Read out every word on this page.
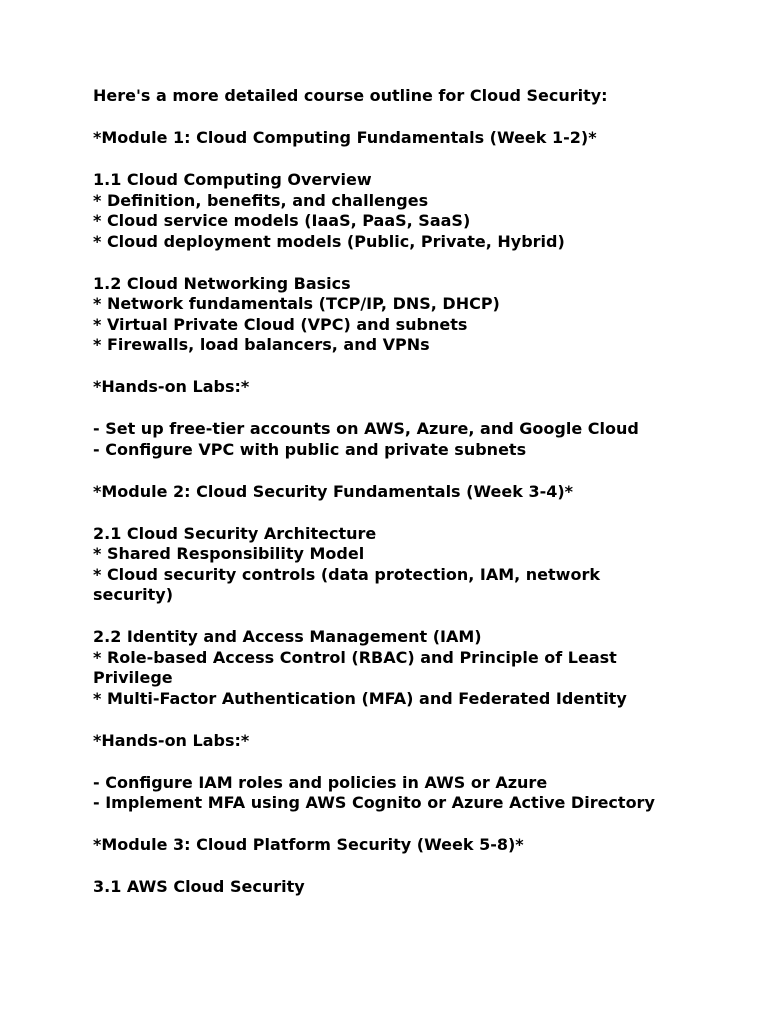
Here's a more detailed course outline for Cloud Security:

*Module 1: Cloud Computing Fundamentals (Week 1-2)*

1.1 Cloud Computing Overview

* Definition, benefits, and challenges

* Cloud service models (IaaS, PaaS, SaaS)

* Cloud deployment models (Public, Private, Hybrid)

1.2 Cloud Networking Basics

* Network fundamentals (TCP/IP, DNS, DHCP)

* Virtual Private Cloud (VPC) and subnets

* Firewalls, load balancers, and VPNs

*Hands-on Labs:*

- Set up free-tier accounts on AWS, Azure, and Google Cloud

- Configure VPC with public and private subnets

*Module 2: Cloud Security Fundamentals (Week 3-4)*

2.1 Cloud Security Architecture

* Shared Responsibility Model

* Cloud security controls (data protection, IAM, network security)

2.2 Identity and Access Management (IAM)

* Role-based Access Control (RBAC) and Principle of Least Privilege

* Multi-Factor Authentication (MFA) and Federated Identity

*Hands-on Labs:*

- Configure IAM roles and policies in AWS or Azure

- Implement MFA using AWS Cognito or Azure Active Directory

*Module 3: Cloud Platform Security (Week 5-8)*

3.1 AWS Cloud Security
